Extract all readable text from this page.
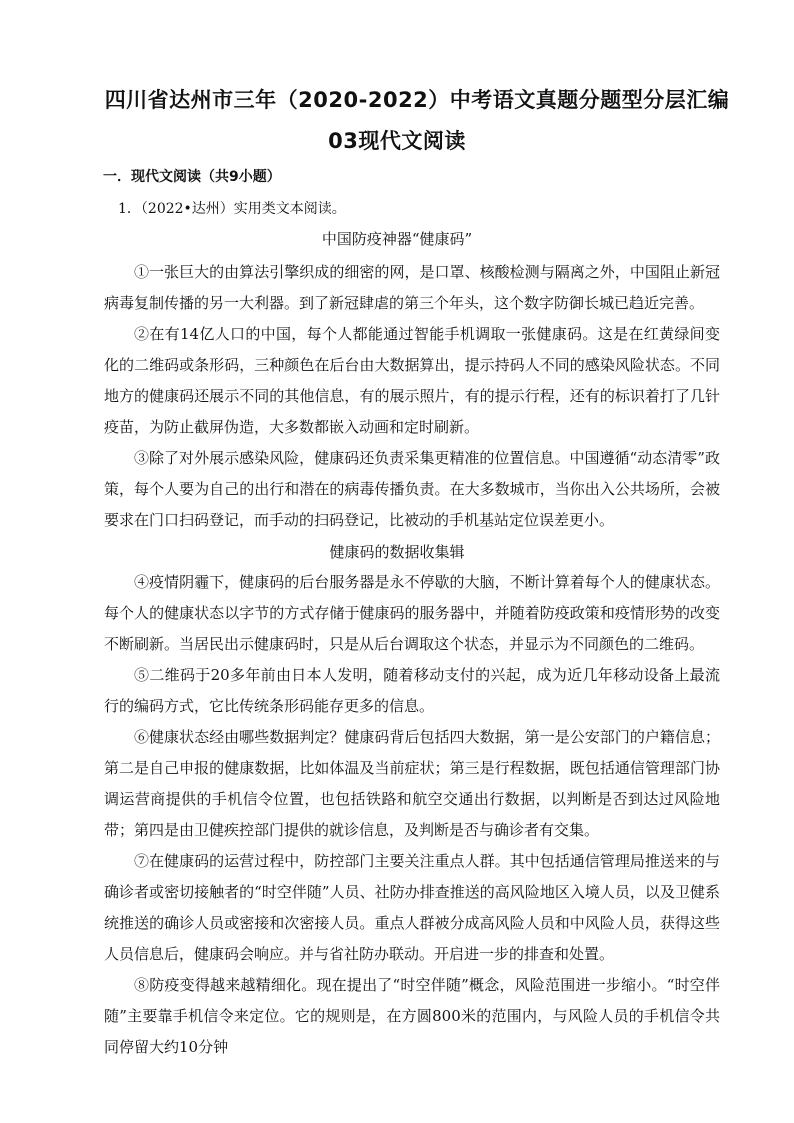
四川省达州市三年（2020-2022）中考语文真题分题型分层汇编
03现代文阅读
一．现代文阅读（共9小题）
1．（2022•达州）实用类文本阅读。
中国防疫神器“健康码”

①一张巨大的由算法引擎织成的细密的网，是口罩、核酸检测与隔离之外，中国阻止新冠病毒复制传播的另一大利器。到了新冠肆虐的第三个年头，这个数字防御长城已趋近完善。

②在有14亿人口的中国，每个人都能通过智能手机调取一张健康码。这是在红黄绿间变化的二维码或条形码，三种颜色在后台由大数据算出，提示持码人不同的感染风险状态。不同地方的健康码还展示不同的其他信息，有的展示照片，有的提示行程，还有的标识着打了几针疫苗，为防止截屏伪造，大多数都嵌入动画和定时刷新。

③除了对外展示感染风险，健康码还负责采集更精准的位置信息。中国遵循“动态清零”政策，每个人要为自己的出行和潜在的病毒传播负责。在大多数城市，当你出入公共场所，会被要求在门口扫码登记，而手动的扫码登记，比被动的手机基站定位误差更小。

健康码的数据收集辑

④疫情阴霾下，健康码的后台服务器是永不停歇的大脑，不断计算着每个人的健康状态。每个人的健康状态以字节的方式存储于健康码的服务器中，并随着防疫政策和疫情形势的改变不断刷新。当居民出示健康码时，只是从后台调取这个状态，并显示为不同颜色的二维码。

⑤二维码于20多年前由日本人发明，随着移动支付的兴起，成为近几年移动设备上最流行的编码方式，它比传统条形码能存更多的信息。

⑥健康状态经由哪些数据判定？健康码背后包括四大数据，第一是公安部门的户籍信息；第二是自己申报的健康数据，比如体温及当前症状；第三是行程数据，既包括通信管理部门协调运营商提供的手机信令位置，也包括铁路和航空交通出行数据，以判断是否到达过风险地带；第四是由卫健疾控部门提供的就诊信息，及判断是否与确诊者有交集。

⑦在健康码的运营过程中，防控部门主要关注重点人群。其中包括通信管理局推送来的与确诊者或密切接触者的“时空伴随”人员、社防办排查推送的高风险地区入境人员，以及卫健系统推送的确诊人员或密接和次密接人员。重点人群被分成高风险人员和中风险人员，获得这些人员信息后，健康码会响应。并与省社防办联动。开启进一步的排查和处置。

⑧防疫变得越来越精细化。现在提出了“时空伴随”概念，风险范围进一步缩小。“时空伴随”主要靠手机信令来定位。它的规则是，在方圆800米的范围内，与风险人员的手机信令共同停留大约10分钟
